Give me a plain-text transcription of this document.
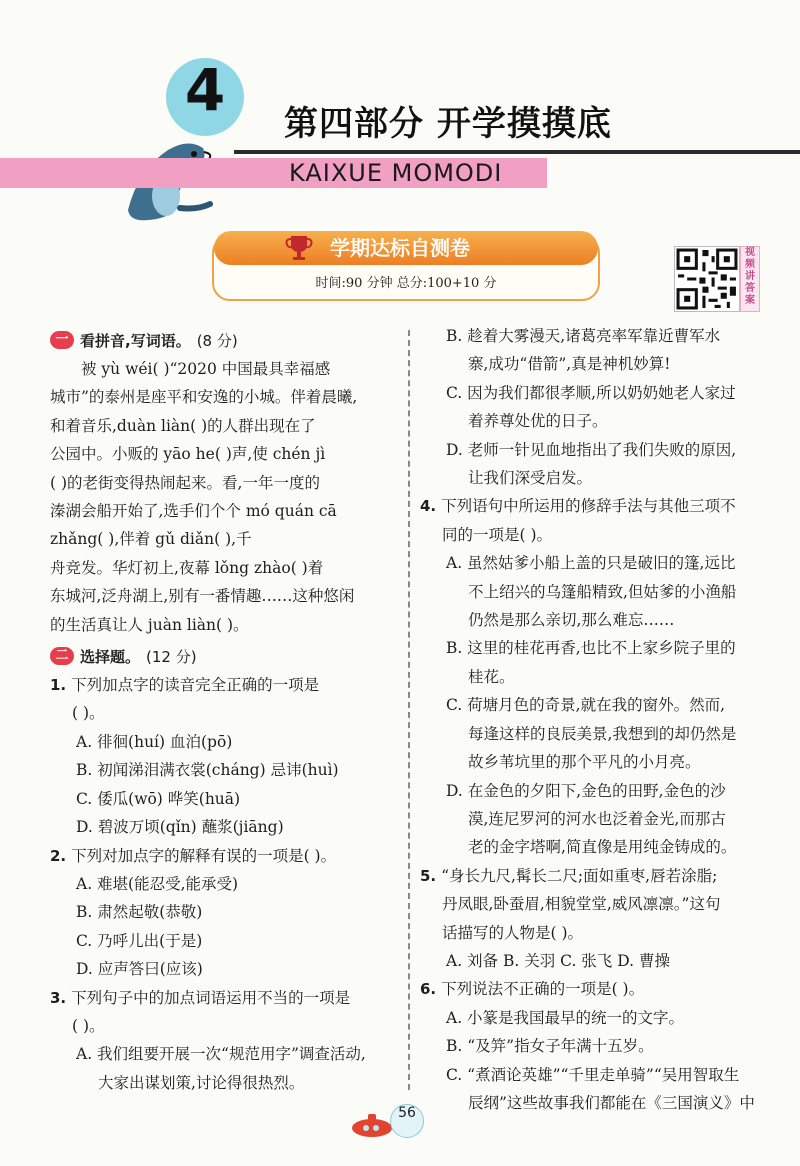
4	第四部分 开学摸摸底
KAIXUE MOMODI
学期达标自测卷
时间:90 分钟 总分:100+10 分
视频讲答案
一 看拼音,写词语。 (8 分)

被 yù wéi( )“2020 中国最具幸福感

城市”的泰州是座平和安逸的小城。伴着晨曦,

和着音乐,duàn liàn( )的人群出现在了

公园中。小贩的 yāo he( )声,使 chén jì

( )的老街变得热闹起来。看,一年一度的

溱湖会船开始了,选手们个个 mó quán cā

zhǎng( ),伴着 gǔ diǎn( ),千

舟竞发。华灯初上,夜幕 lǒng zhào( )着

东城河,泛舟湖上,别有一番情趣……这种悠闲

的生活真让人 juàn liàn( )。

二 选择题。 (12 分)

1. 下列加点字的读音完全正确的一项是

( )。

A. 徘徊(huí) 血泊(pō)

B. 初闻涕泪满衣裳(cháng) 忌讳(huì)

C. 倭瓜(wō) 哗笑(huā)

D. 碧波万顷(qǐn) 蘸浆(jiāng)

2. 下列对加点字的解释有误的一项是( )。

A. 难堪(能忍受,能承受)

B. 肃然起敬(恭敬)

C. 乃呼儿出(于是)

D. 应声答曰(应该)

3. 下列句子中的加点词语运用不当的一项是

( )。

A. 我们组要开展一次“规范用字”调查活动,

大家出谋划策,讨论得很热烈。

B. 趁着大雾漫天,诸葛亮率军靠近曹军水

寨,成功“借箭”,真是神机妙算!

C. 因为我们都很孝顺,所以奶奶她老人家过

着养尊处优的日子。

D. 老师一针见血地指出了我们失败的原因,

让我们深受启发。

4. 下列语句中所运用的修辞手法与其他三项不

同的一项是( )。

A. 虽然姑爹小船上盖的只是破旧的篷,远比

不上绍兴的乌篷船精致,但姑爹的小渔船

仍然是那么亲切,那么难忘……

B. 这里的桂花再香,也比不上家乡院子里的

桂花。

C. 荷塘月色的奇景,就在我的窗外。然而,

每逢这样的良辰美景,我想到的却仍然是

故乡苇坑里的那个平凡的小月亮。

D. 在金色的夕阳下,金色的田野,金色的沙

漠,连尼罗河的河水也泛着金光,而那古

老的金字塔啊,简直像是用纯金铸成的。

5. “身长九尺,髯长二尺;面如重枣,唇若涂脂;

丹凤眼,卧蚕眉,相貌堂堂,威风凛凛。”这句

话描写的人物是( )。

A. 刘备 B. 关羽 C. 张飞 D. 曹操

6. 下列说法不正确的一项是( )。

A. 小篆是我国最早的统一的文字。

B. “及笄”指女子年满十五岁。

C. “煮酒论英雄”“千里走单骑”“吴用智取生

辰纲”这些故事我们都能在《三国演义》中

56
